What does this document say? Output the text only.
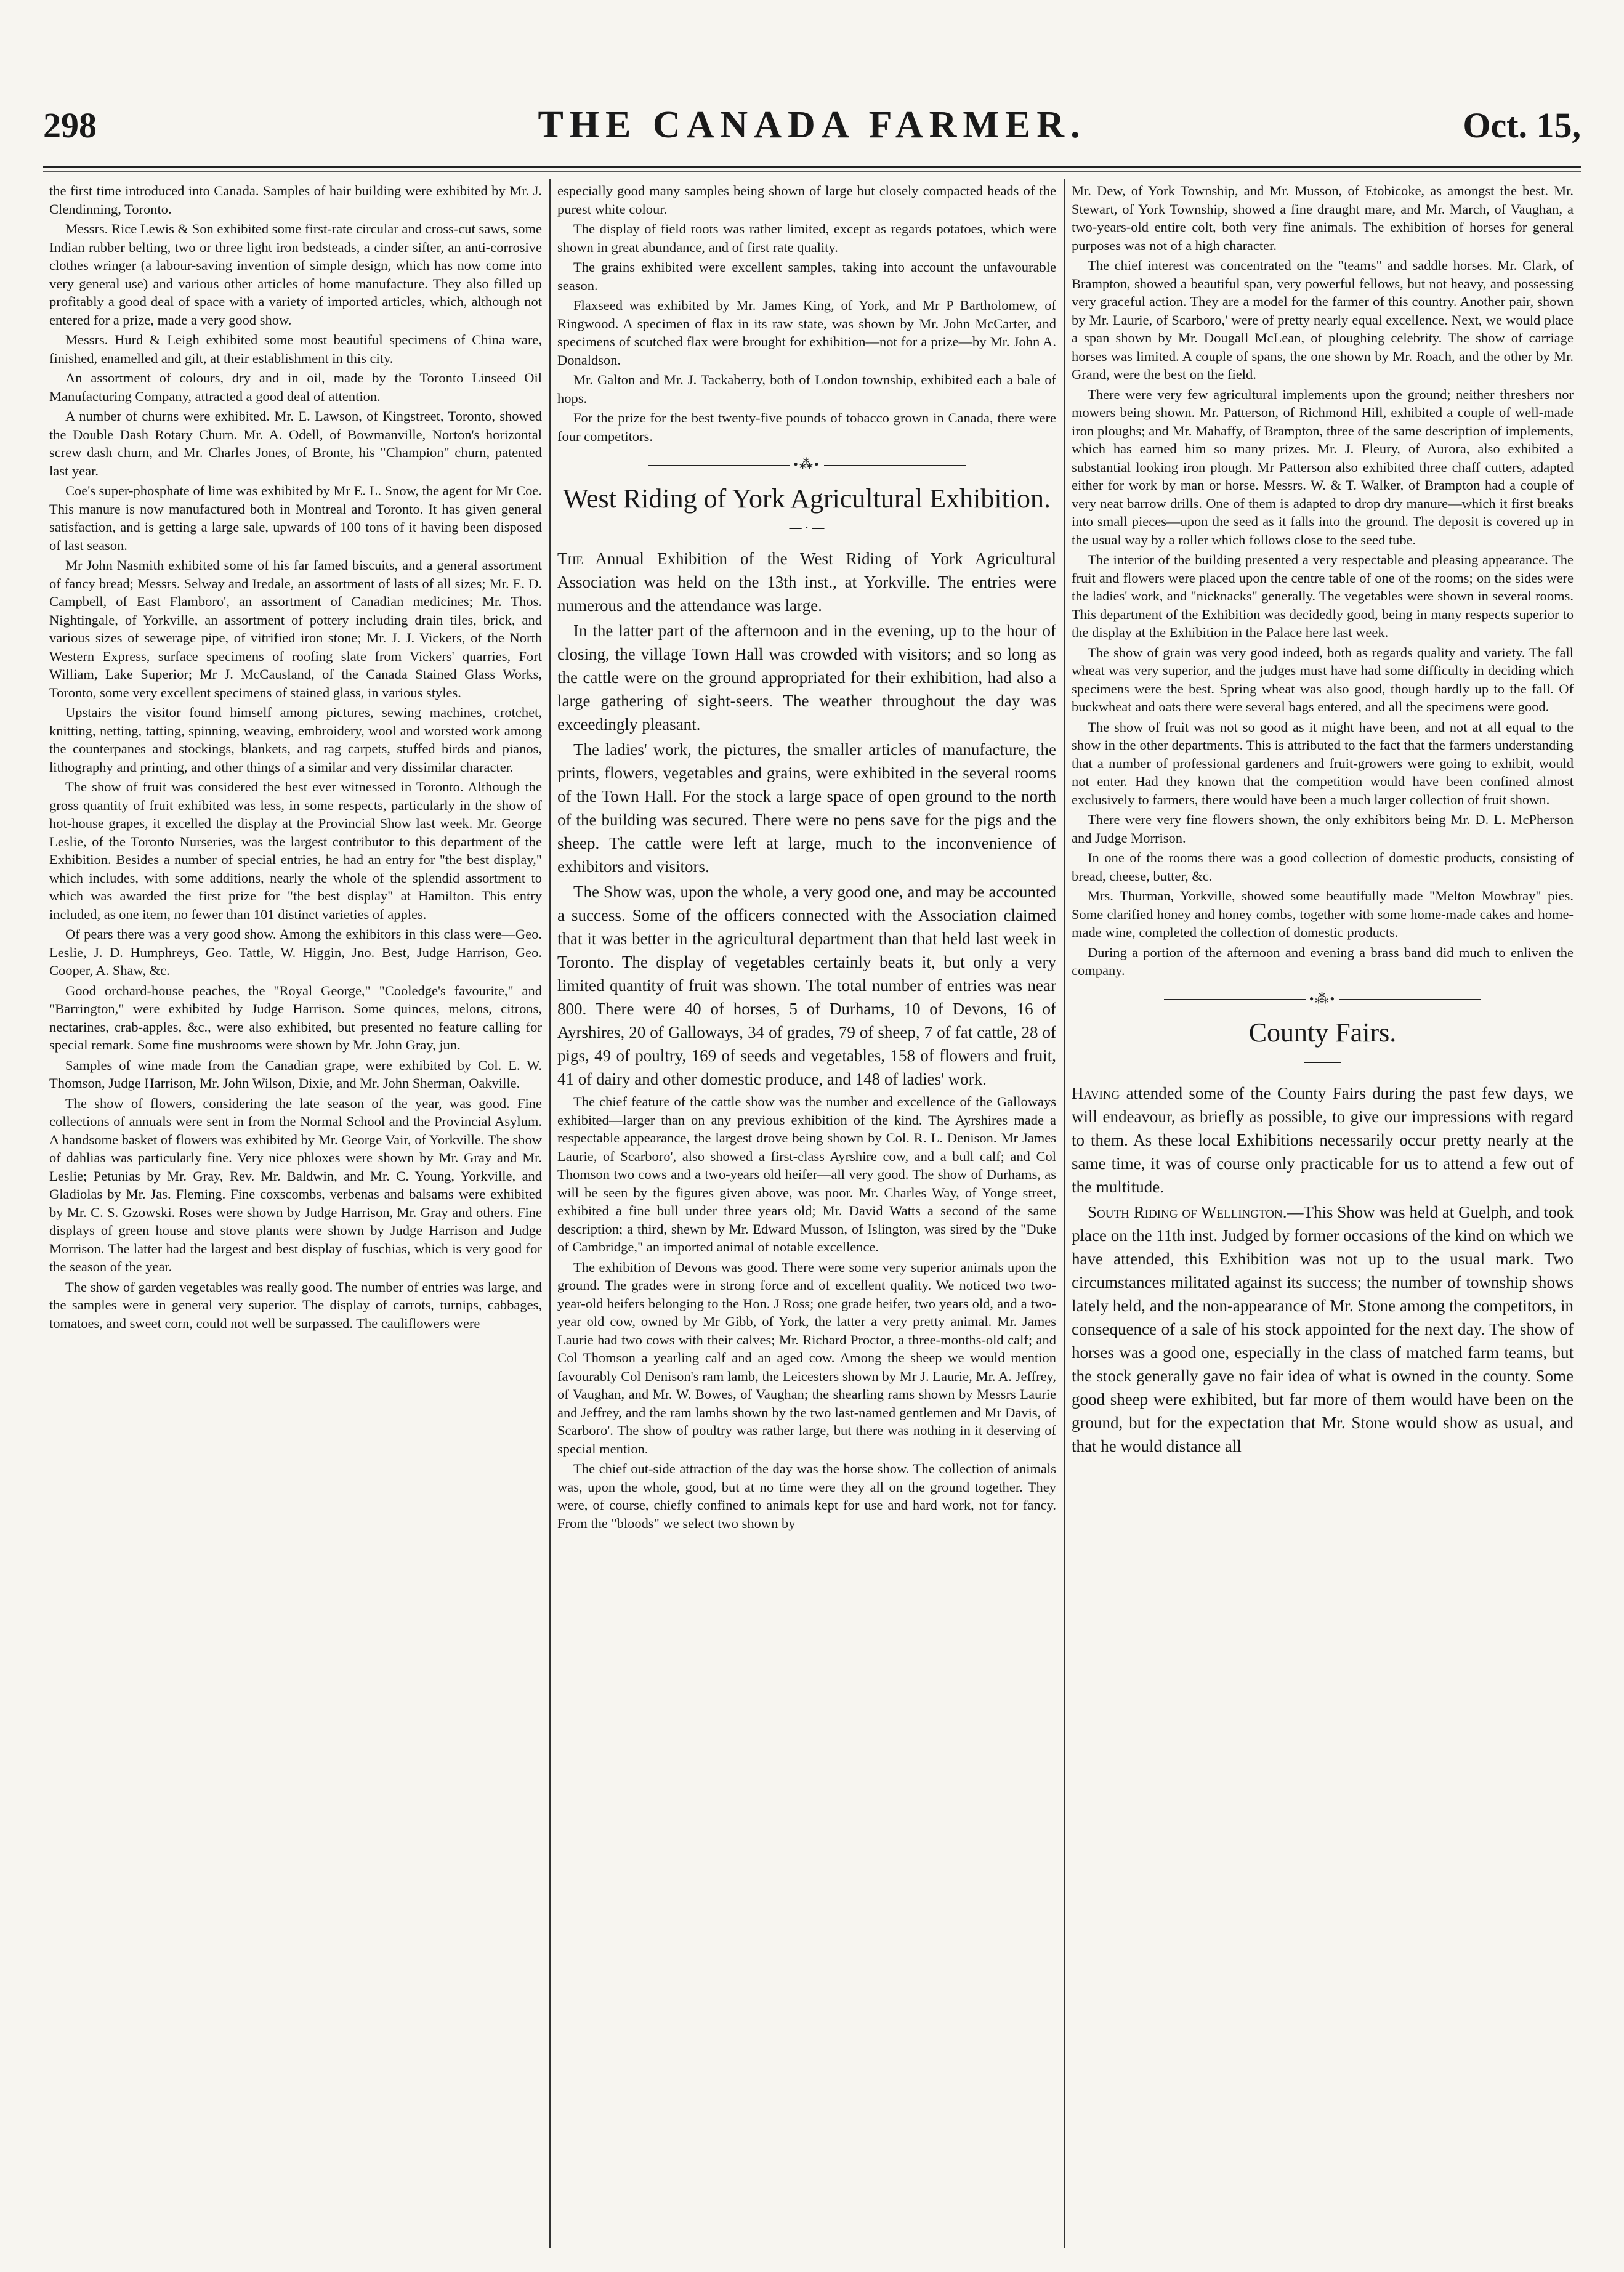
298	THE CANADA FARMER.	Oct. 15,

the first time introduced into Canada. Samples of hair building were exhibited by Mr. J. Clendinning, Toronto.

Messrs. Rice Lewis & Son exhibited some first-rate circular and cross-cut saws, some Indian rubber belting, two or three light iron bedsteads, a cinder sifter, an anti-corrosive clothes wringer (a labour-saving invention of simple design, which has now come into very general use) and various other articles of home manufacture. They also filled up profitably a good deal of space with a variety of imported articles, which, although not entered for a prize, made a very good show.

Messrs. Hurd & Leigh exhibited some most beautiful specimens of China ware, finished, enamelled and gilt, at their establishment in this city.

An assortment of colours, dry and in oil, made by the Toronto Linseed Oil Manufacturing Company, attracted a good deal of attention.

A number of churns were exhibited. Mr. E. Lawson, of Kingstreet, Toronto, showed the Double Dash Rotary Churn. Mr. A. Odell, of Bowmanville, Norton's horizontal screw dash churn, and Mr. Charles Jones, of Bronte, his "Champion" churn, patented last year.

Coe's super-phosphate of lime was exhibited by Mr E. L. Snow, the agent for Mr Coe. This manure is now manufactured both in Montreal and Toronto. It has given general satisfaction, and is getting a large sale, upwards of 100 tons of it having been disposed of last season.

Mr John Nasmith exhibited some of his far famed biscuits, and a general assortment of fancy bread; Messrs. Selway and Iredale, an assortment of lasts of all sizes; Mr. E. D. Campbell, of East Flamboro', an assortment of Canadian medicines; Mr. Thos. Nightingale, of Yorkville, an assortment of pottery including drain tiles, brick, and various sizes of sewerage pipe, of vitrified iron stone; Mr. J. J. Vickers, of the North Western Express, surface specimens of roofing slate from Vickers' quarries, Fort William, Lake Superior; Mr J. McCausland, of the Canada Stained Glass Works, Toronto, some very excellent specimens of stained glass, in various styles.

Upstairs the visitor found himself among pictures, sewing machines, crotchet, knitting, netting, tatting, spinning, weaving, embroidery, wool and worsted work among the counterpanes and stockings, blankets, and rag carpets, stuffed birds and pianos, lithography and printing, and other things of a similar and very dissimilar character.

The show of fruit was considered the best ever witnessed in Toronto. Although the gross quantity of fruit exhibited was less, in some respects, particularly in the show of hot-house grapes, it excelled the display at the Provincial Show last week. Mr. George Leslie, of the Toronto Nurseries, was the largest contributor to this department of the Exhibition. Besides a number of special entries, he had an entry for "the best display," which includes, with some additions, nearly the whole of the splendid assortment to which was awarded the first prize for "the best display" at Hamilton. This entry included, as one item, no fewer than 101 distinct varieties of apples.

Of pears there was a very good show. Among the exhibitors in this class were—Geo. Leslie, J. D. Humphreys, Geo. Tattle, W. Higgin, Jno. Best, Judge Harrison, Geo. Cooper, A. Shaw, &c.

Good orchard-house peaches, the "Royal George," "Cooledge's favourite," and "Barrington," were exhibited by Judge Harrison. Some quinces, melons, citrons, nectarines, crab-apples, &c., were also exhibited, but presented no feature calling for special remark. Some fine mushrooms were shown by Mr. John Gray, jun.

Samples of wine made from the Canadian grape, were exhibited by Col. E. W. Thomson, Judge Harrison, Mr. John Wilson, Dixie, and Mr. John Sherman, Oakville.

The show of flowers, considering the late season of the year, was good. Fine collections of annuals were sent in from the Normal School and the Provincial Asylum. A handsome basket of flowers was exhibited by Mr. George Vair, of Yorkville. The show of dahlias was particularly fine. Very nice phloxes were shown by Mr. Gray and Mr. Leslie; Petunias by Mr. Gray, Rev. Mr. Baldwin, and Mr. C. Young, Yorkville, and Gladiolas by Mr. Jas. Fleming. Fine coxscombs, verbenas and balsams were exhibited by Mr. C. S. Gzowski. Roses were shown by Judge Harrison, Mr. Gray and others. Fine displays of green house and stove plants were shown by Judge Harrison and Judge Morrison. The latter had the largest and best display of fuschias, which is very good for the season of the year.

The show of garden vegetables was really good. The number of entries was large, and the samples were in general very superior. The display of carrots, turnips, cabbages, tomatoes, and sweet corn, could not well be surpassed. The cauliflowers were

especially good many samples being shown of large but closely compacted heads of the purest white colour.

The display of field roots was rather limited, except as regards potatoes, which were shown in great abundance, and of first rate quality.

The grains exhibited were excellent samples, taking into account the unfavourable season.

Flaxseed was exhibited by Mr. James King, of York, and Mr P Bartholomew, of Ringwood. A specimen of flax in its raw state, was shown by Mr. John McCarter, and specimens of scutched flax were brought for exhibition—not for a prize—by Mr. John A. Donaldson.

Mr. Galton and Mr. J. Tackaberry, both of London township, exhibited each a bale of hops.

For the prize for the best twenty-five pounds of tobacco grown in Canada, there were four competitors.

•⁂•
West Riding of York Agricultural Exhibition.
— · —

The Annual Exhibition of the West Riding of York Agricultural Association was held on the 13th inst., at Yorkville. The entries were numerous and the attendance was large.

In the latter part of the afternoon and in the evening, up to the hour of closing, the village Town Hall was crowded with visitors; and so long as the cattle were on the ground appropriated for their exhibition, had also a large gathering of sight-seers. The weather throughout the day was exceedingly pleasant.

The ladies' work, the pictures, the smaller articles of manufacture, the prints, flowers, vegetables and grains, were exhibited in the several rooms of the Town Hall. For the stock a large space of open ground to the north of the building was secured. There were no pens save for the pigs and the sheep. The cattle were left at large, much to the inconvenience of exhibitors and visitors.

The Show was, upon the whole, a very good one, and may be accounted a success. Some of the officers connected with the Association claimed that it was better in the agricultural department than that held last week in Toronto. The display of vegetables certainly beats it, but only a very limited quantity of fruit was shown. The total number of entries was near 800. There were 40 of horses, 5 of Durhams, 10 of Devons, 16 of Ayrshires, 20 of Galloways, 34 of grades, 79 of sheep, 7 of fat cattle, 28 of pigs, 49 of poultry, 169 of seeds and vegetables, 158 of flowers and fruit, 41 of dairy and other domestic produce, and 148 of ladies' work.

The chief feature of the cattle show was the number and excellence of the Galloways exhibited—larger than on any previous exhibition of the kind. The Ayrshires made a respectable appearance, the largest drove being shown by Col. R. L. Denison. Mr James Laurie, of Scarboro', also showed a first-class Ayrshire cow, and a bull calf; and Col Thomson two cows and a two-years old heifer—all very good. The show of Durhams, as will be seen by the figures given above, was poor. Mr. Charles Way, of Yonge street, exhibited a fine bull under three years old; Mr. David Watts a second of the same description; a third, shewn by Mr. Edward Musson, of Islington, was sired by the "Duke of Cambridge," an imported animal of notable excellence.

The exhibition of Devons was good. There were some very superior animals upon the ground. The grades were in strong force and of excellent quality. We noticed two two-year-old heifers belonging to the Hon. J Ross; one grade heifer, two years old, and a two-year old cow, owned by Mr Gibb, of York, the latter a very pretty animal. Mr. James Laurie had two cows with their calves; Mr. Richard Proctor, a three-months-old calf; and Col Thomson a yearling calf and an aged cow. Among the sheep we would mention favourably Col Denison's ram lamb, the Leicesters shown by Mr J. Laurie, Mr. A. Jeffrey, of Vaughan, and Mr. W. Bowes, of Vaughan; the shearling rams shown by Messrs Laurie and Jeffrey, and the ram lambs shown by the two last-named gentlemen and Mr Davis, of Scarboro'. The show of poultry was rather large, but there was nothing in it deserving of special mention.

The chief out-side attraction of the day was the horse show. The collection of animals was, upon the whole, good, but at no time were they all on the ground together. They were, of course, chiefly confined to animals kept for use and hard work, not for fancy. From the "bloods" we select two shown by

Mr. Dew, of York Township, and Mr. Musson, of Etobicoke, as amongst the best. Mr. Stewart, of York Township, showed a fine draught mare, and Mr. March, of Vaughan, a two-years-old entire colt, both very fine animals. The exhibition of horses for general purposes was not of a high character.

The chief interest was concentrated on the "teams" and saddle horses. Mr. Clark, of Brampton, showed a beautiful span, very powerful fellows, but not heavy, and possessing very graceful action. They are a model for the farmer of this country. Another pair, shown by Mr. Laurie, of Scarboro,' were of pretty nearly equal excellence. Next, we would place a span shown by Mr. Dougall McLean, of ploughing celebrity. The show of carriage horses was limited. A couple of spans, the one shown by Mr. Roach, and the other by Mr. Grand, were the best on the field.

There were very few agricultural implements upon the ground; neither threshers nor mowers being shown. Mr. Patterson, of Richmond Hill, exhibited a couple of well-made iron ploughs; and Mr. Mahaffy, of Brampton, three of the same description of implements, which has earned him so many prizes. Mr. J. Fleury, of Aurora, also exhibited a substantial looking iron plough. Mr Patterson also exhibited three chaff cutters, adapted either for work by man or horse. Messrs. W. & T. Walker, of Brampton had a couple of very neat barrow drills. One of them is adapted to drop dry manure—which it first breaks into small pieces—upon the seed as it falls into the ground. The deposit is covered up in the usual way by a roller which follows close to the seed tube.

The interior of the building presented a very respectable and pleasing appearance. The fruit and flowers were placed upon the centre table of one of the rooms; on the sides were the ladies' work, and "nicknacks" generally. The vegetables were shown in several rooms. This department of the Exhibition was decidedly good, being in many respects superior to the display at the Exhibition in the Palace here last week.

The show of grain was very good indeed, both as regards quality and variety. The fall wheat was very superior, and the judges must have had some difficulty in deciding which specimens were the best. Spring wheat was also good, though hardly up to the fall. Of buckwheat and oats there were several bags entered, and all the specimens were good.

The show of fruit was not so good as it might have been, and not at all equal to the show in the other departments. This is attributed to the fact that the farmers understanding that a number of professional gardeners and fruit-growers were going to exhibit, would not enter. Had they known that the competition would have been confined almost exclusively to farmers, there would have been a much larger collection of fruit shown.

There were very fine flowers shown, the only exhibitors being Mr. D. L. McPherson and Judge Morrison.

In one of the rooms there was a good collection of domestic products, consisting of bread, cheese, butter, &c.

Mrs. Thurman, Yorkville, showed some beautifully made "Melton Mowbray" pies. Some clarified honey and honey combs, together with some home-made cakes and home-made wine, completed the collection of domestic products.

During a portion of the afternoon and evening a brass band did much to enliven the company.

•⁂•
County Fairs.
———

Having attended some of the County Fairs during the past few days, we will endeavour, as briefly as possible, to give our impressions with regard to them. As these local Exhibitions necessarily occur pretty nearly at the same time, it was of course only practicable for us to attend a few out of the multitude.

South Riding of Wellington.—This Show was held at Guelph, and took place on the 11th inst. Judged by former occasions of the kind on which we have attended, this Exhibition was not up to the usual mark. Two circumstances militated against its success; the number of township shows lately held, and the non-appearance of Mr. Stone among the competitors, in consequence of a sale of his stock appointed for the next day. The show of horses was a good one, especially in the class of matched farm teams, but the stock generally gave no fair idea of what is owned in the county. Some good sheep were exhibited, but far more of them would have been on the ground, but for the expectation that Mr. Stone would show as usual, and that he would distance all
